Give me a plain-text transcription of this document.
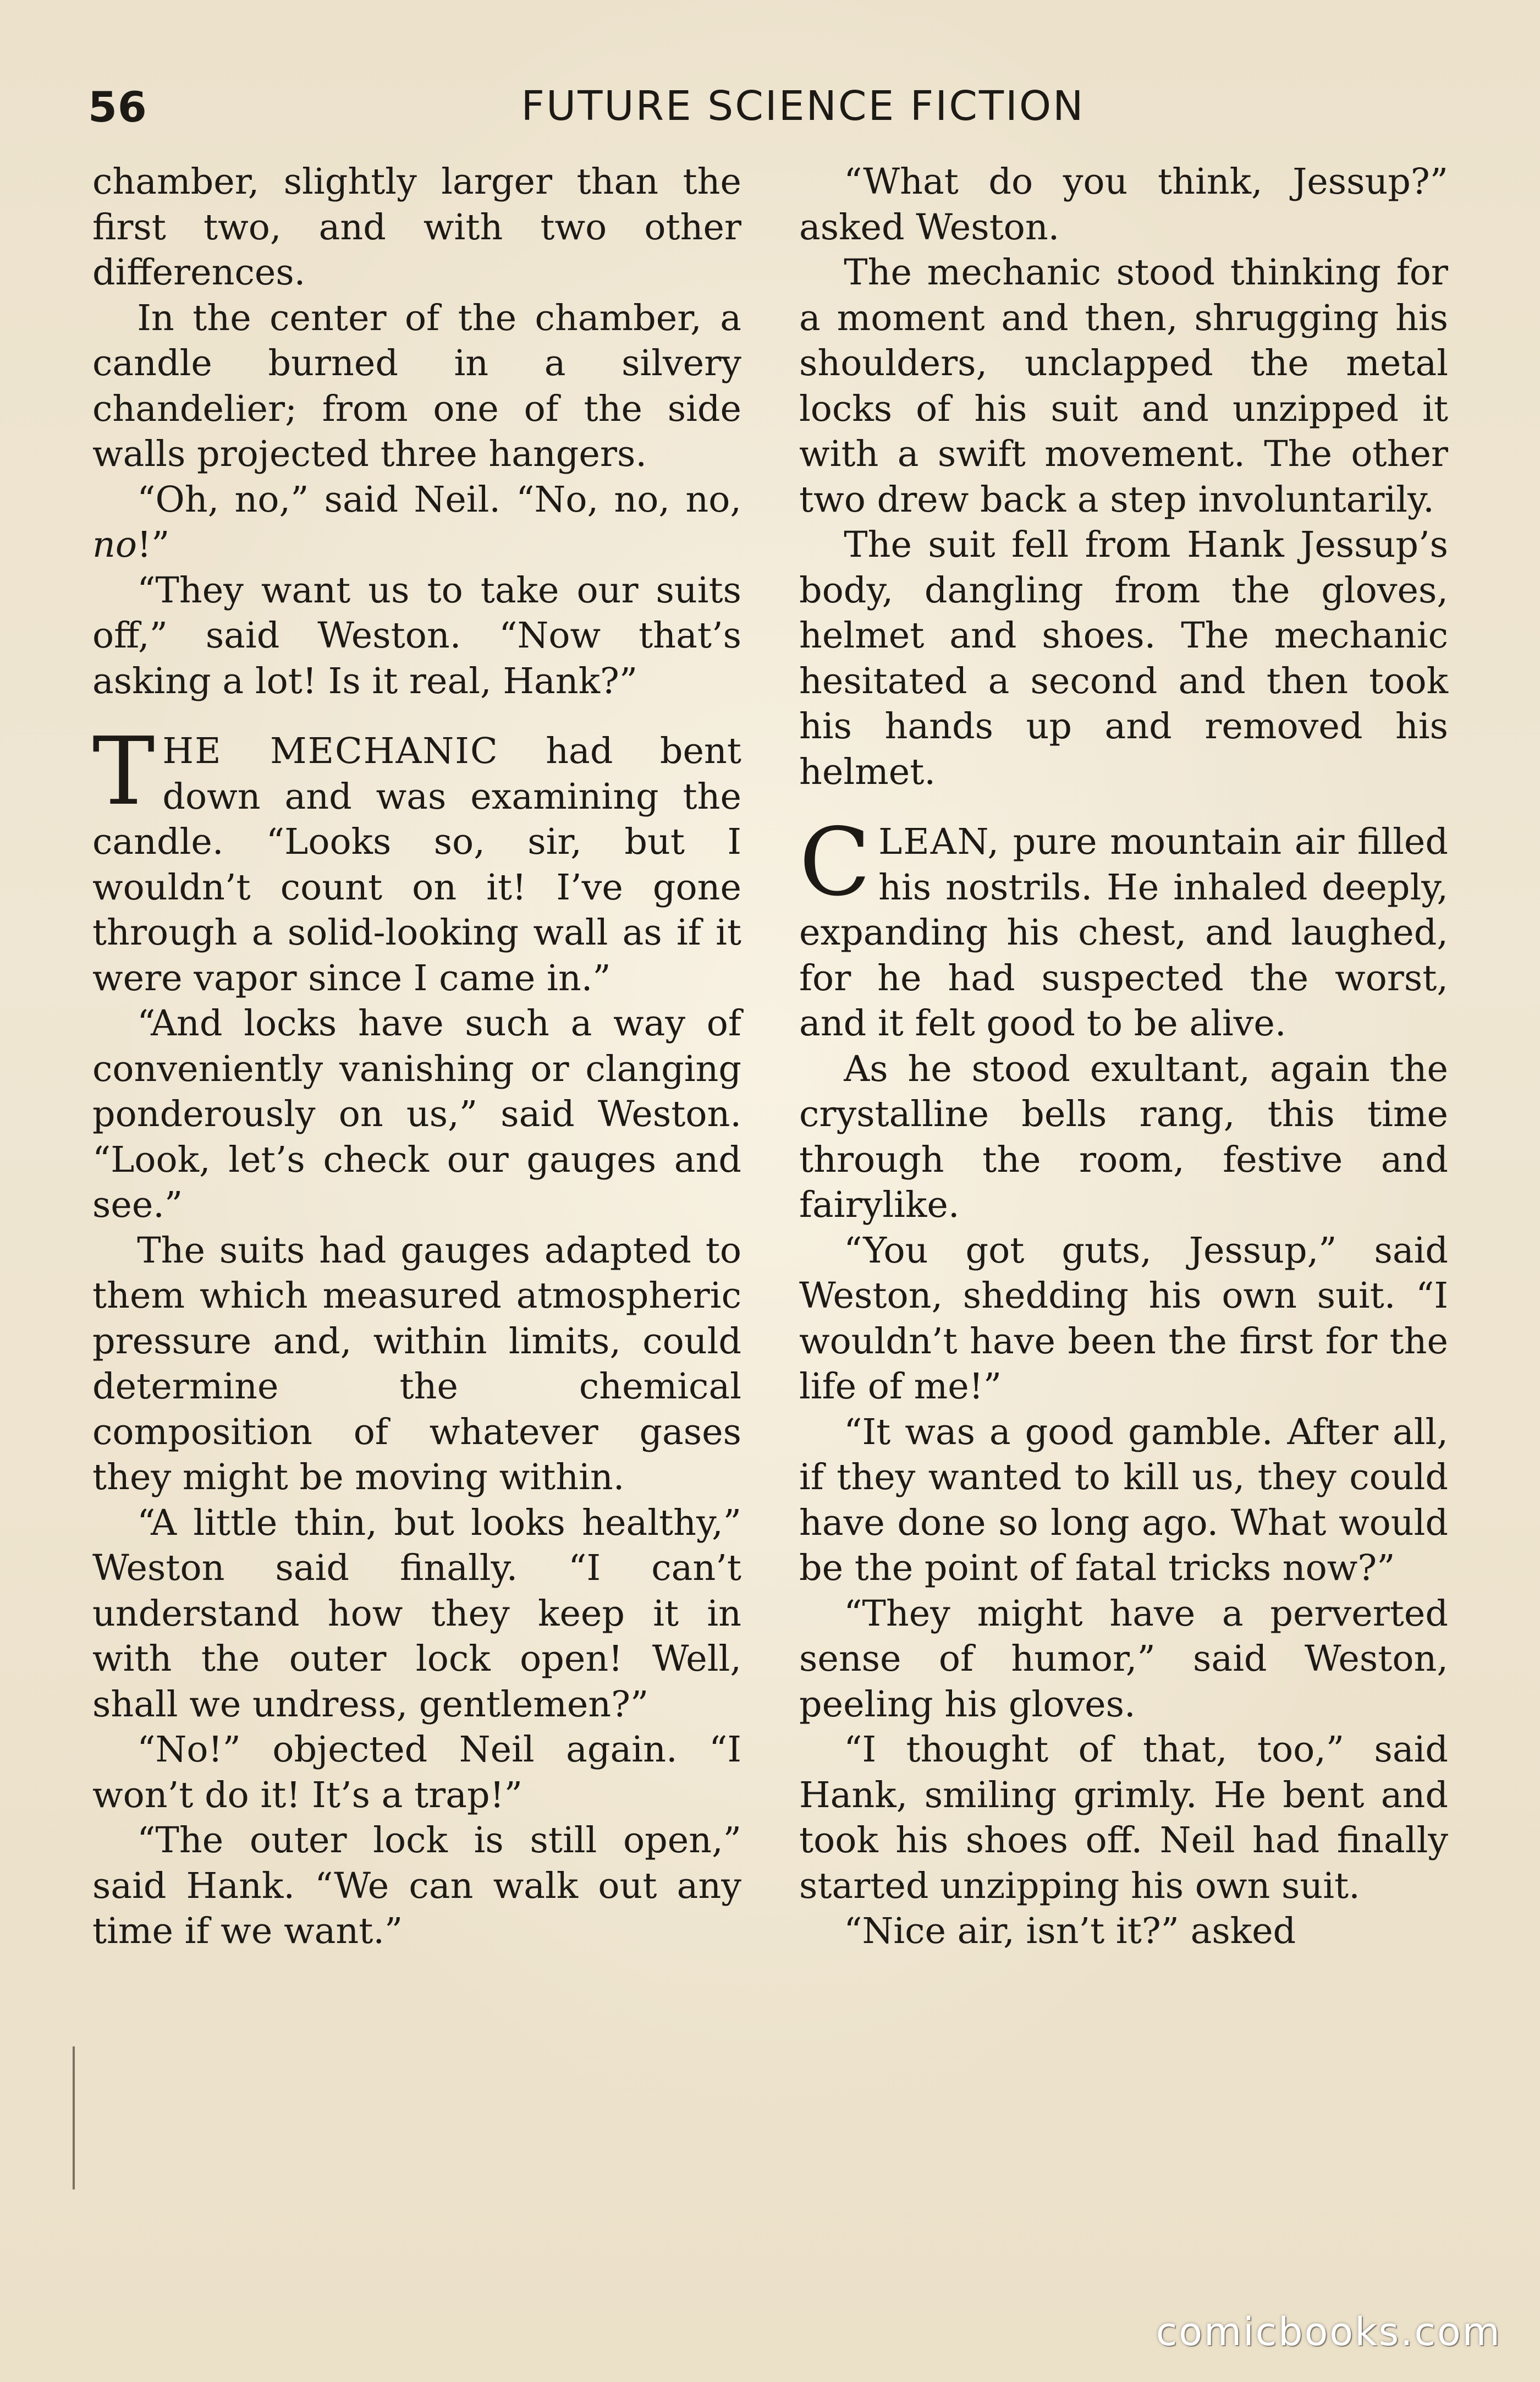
56	FUTURE SCIENCE FICTION

chamber, slightly larger than the first two, and with two other differences.

In the center of the chamber, a candle burned in a silvery chandelier; from one of the side walls projected three hangers.

“Oh, no,” said Neil. “No, no, no, no!”

“They want us to take our suits off,” said Weston. “Now that’s asking a lot! Is it real, Hank?”

THE MECHANIC had bent down and was examining the candle. “Looks so, sir, but I wouldn’t count on it! I’ve gone through a solid-looking wall as if it were vapor since I came in.”

“And locks have such a way of conveniently vanishing or clanging ponderously on us,” said Weston. “Look, let’s check our gauges and see.”

The suits had gauges adapted to them which measured atmospheric pressure and, within limits, could determine the chemical composition of whatever gases they might be moving within.

“A little thin, but looks healthy,” Weston said finally. “I can’t understand how they keep it in with the outer lock open! Well, shall we undress, gentlemen?”

“No!” objected Neil again. “I won’t do it! It’s a trap!”

“The outer lock is still open,” said Hank. “We can walk out any time if we want.”

“What do you think, Jessup?” asked Weston.

The mechanic stood thinking for a moment and then, shrugging his shoulders, unclapped the metal locks of his suit and unzipped it with a swift movement. The other two drew back a step involuntarily.

The suit fell from Hank Jessup’s body, dangling from the gloves, helmet and shoes. The mechanic hesitated a second and then took his hands up and removed his helmet.

CLEAN, pure mountain air filled his nostrils. He inhaled deeply, expanding his chest, and laughed, for he had suspected the worst, and it felt good to be alive.

As he stood exultant, again the crystalline bells rang, this time through the room, festive and fairylike.

“You got guts, Jessup,” said Weston, shedding his own suit. “I wouldn’t have been the first for the life of me!”

“It was a good gamble. After all, if they wanted to kill us, they could have done so long ago. What would be the point of fatal tricks now?”

“They might have a perverted sense of humor,” said Weston, peeling his gloves.

“I thought of that, too,” said Hank, smiling grimly. He bent and took his shoes off. Neil had finally started unzipping his own suit.

“Nice air, isn’t it?” asked

comicbooks.com
